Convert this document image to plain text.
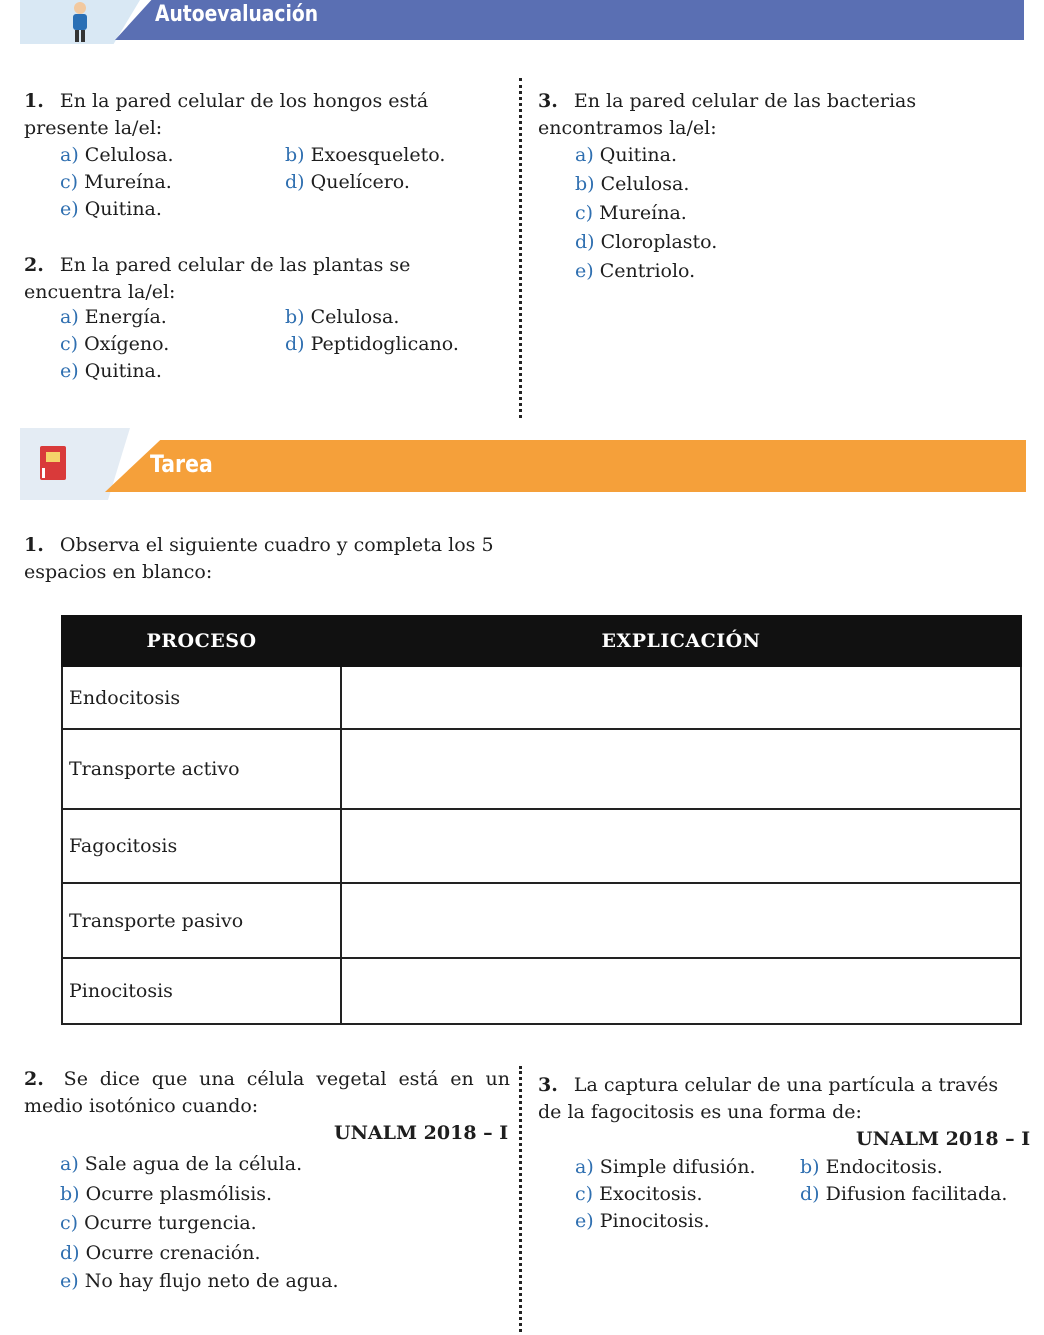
Autoevaluación
1. En la pared celular de los hongos está presente la/el:
a) Celulosa.	b) Exoesqueleto.
c) Mureína.	d) Quelícero.
e) Quitina.
2. En la pared celular de las plantas se encuentra la/el:
a) Energía.	b) Celulosa.
c) Oxígeno.	d) Peptidoglicano.
e) Quitina.
3. En la pared celular de las bacterias encontramos la/el:
a) Quitina.
b) Celulosa.
c) Mureína.
d) Cloroplasto.
e) Centriolo.
Tarea
1. Observa el siguiente cuadro y completa los 5 espacios en blanco:
PROCESO	EXPLICACIÓN
Endocitosis	
Transporte activo	
Fagocitosis	
Transporte pasivo	
Pinocitosis	
2. Se dice que una célula vegetal está en un medio isotónico cuando:
UNALM 2018 – I
a) Sale agua de la célula.
b) Ocurre plasmólisis.
c) Ocurre turgencia.
d) Ocurre crenación.
e) No hay flujo neto de agua.
3. La captura celular de una partícula a través de la fagocitosis es una forma de:
UNALM 2018 – I
a) Simple difusión. b) Endocitosis.
c) Exocitosis.	d) Difusion facilitada.
e) Pinocitosis.
